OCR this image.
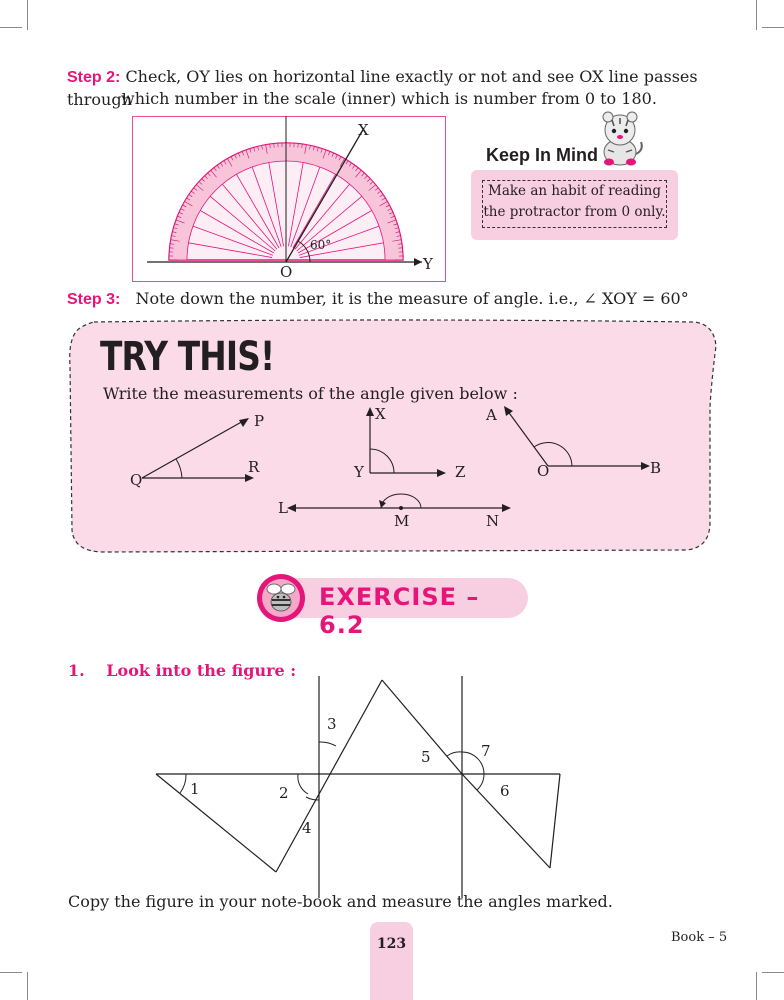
Step 2: Check, OY lies on horizontal line exactly or not and see OX line passes through
which number in the scale (inner) which is number from 0 to 180.
X
O	Y
60°
Keep In Mind
Make an habit of reading
the protractor from 0 only.
Step 3: Note down the number, it is the measure of angle. i.e., ∠ XOY = 60°
TRY THIS!
Write the measurements of the angle given below :
P
Q
R
X
Y	Z
A
O	B
L
M	N
EXERCISE – 6.2
1. Look into the figure :
1	2
3
4
5
6
7
Copy the figure in your note-book and measure the angles marked.
123	Book – 5
